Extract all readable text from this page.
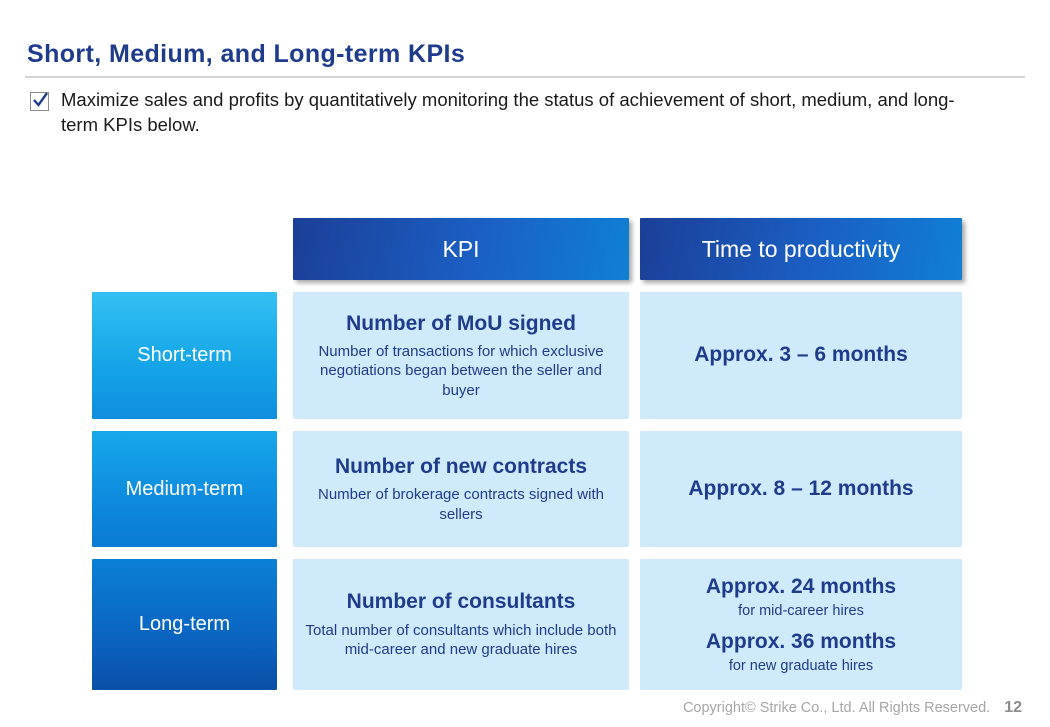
Short, Medium, and Long-term KPIs
Maximize sales and profits by quantitatively monitoring the status of achievement of short, medium, and long-term KPIs below.
KPI	Time to productivity
Short-term
Number of MoU signed
Number of transactions for which exclusive negotiations began between the seller and buyer
Approx. 3 – 6 months
Medium-term
Number of new contracts
Number of brokerage contracts signed with sellers
Approx. 8 – 12 months
Long-term
Number of consultants
Total number of consultants which include both mid-career and new graduate hires
Approx. 24 months
for mid-career hires
Approx. 36 months
for new graduate hires
Copyright© Strike Co., Ltd. All Rights Reserved. 12
